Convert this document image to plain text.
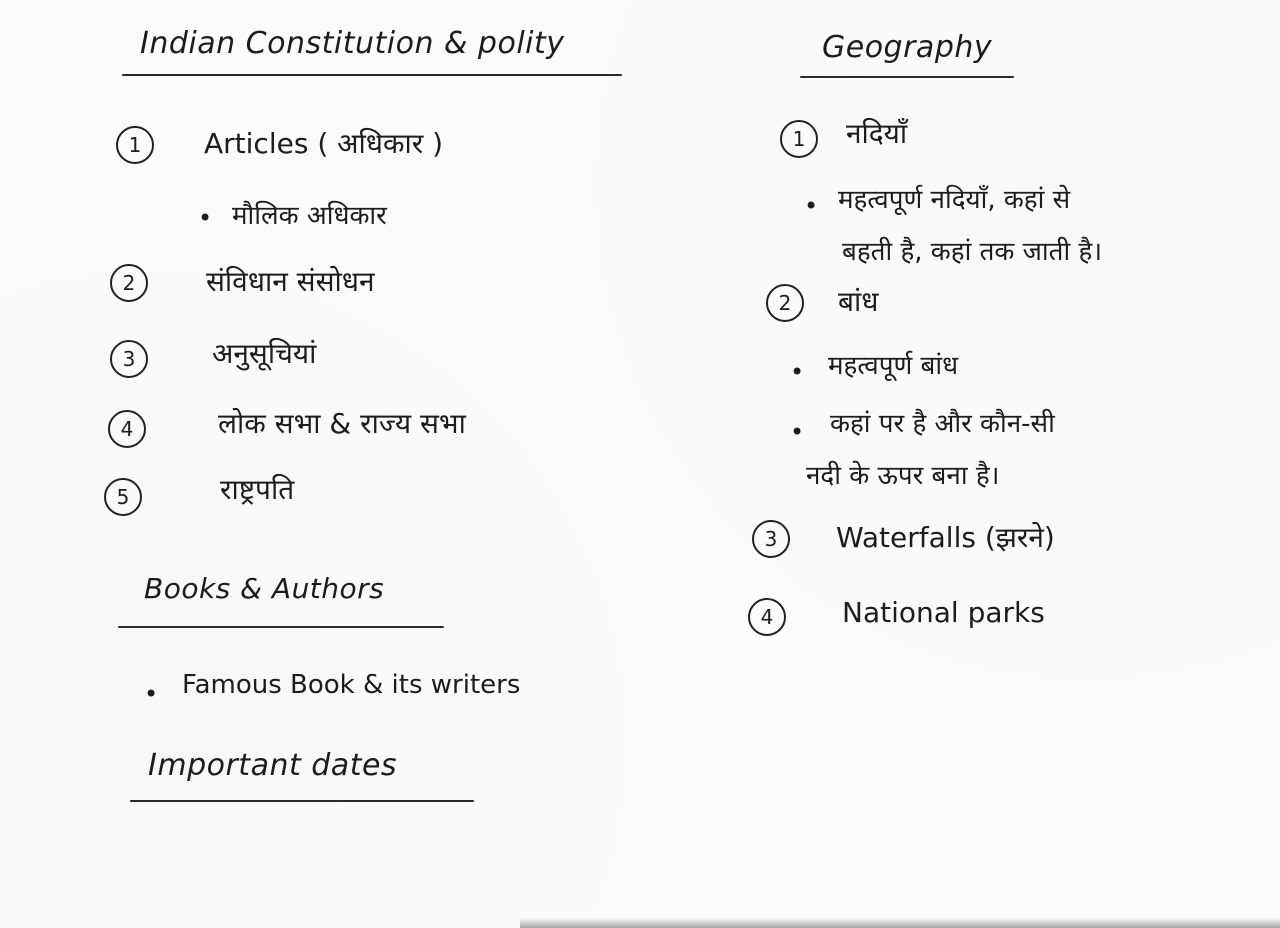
Indian Constitution & polity
1	Articles ( अधिकार )
• मौलिक अधिकार
2	संविधान संसोधन
3	अनुसूचियां
4	लोक सभा & राज्य सभा
5	राष्ट्रपति
Books & Authors
• Famous Book & its writers
Important dates
Geography
1	नदियाँ
• महत्वपूर्ण नदियाँ, कहां से
बहती है, कहां तक जाती है।
2	बांध
• महत्वपूर्ण बांध
• कहां पर है और कौन-सी
नदी के ऊपर बना है।
3	Waterfalls (झरने)
4	National parks
